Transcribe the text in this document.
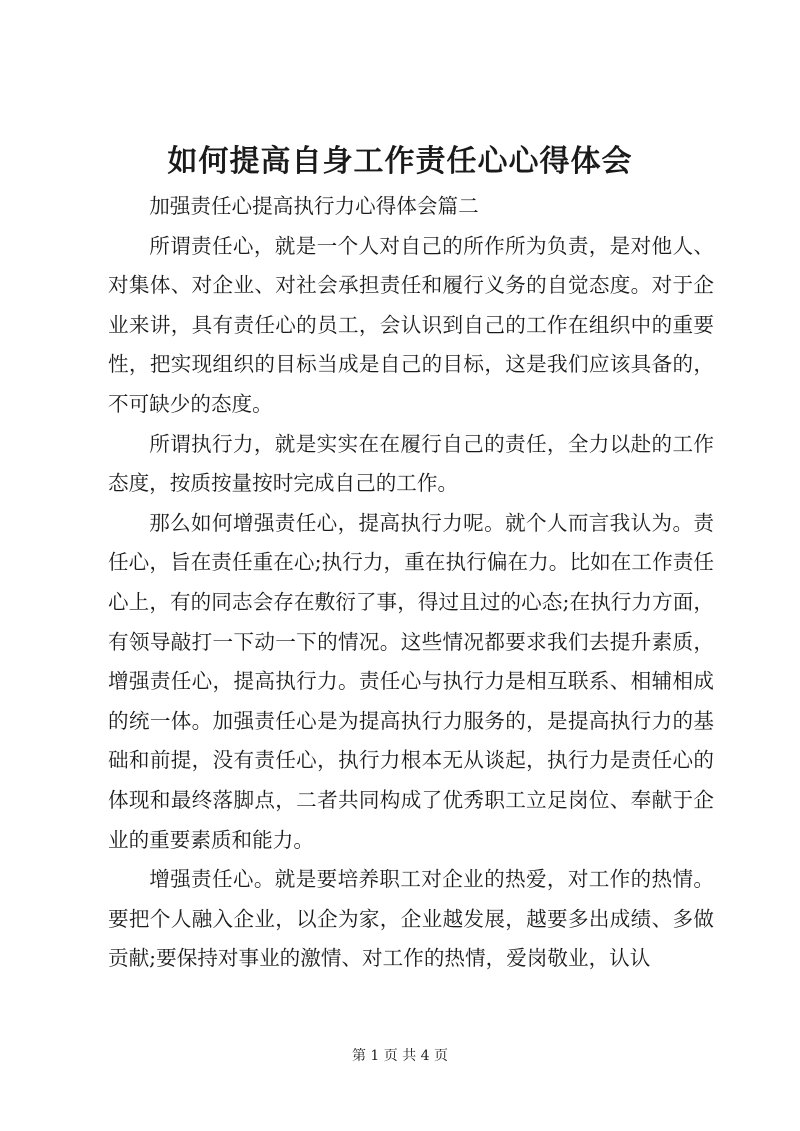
如何提高自身工作责任心心得体会

加强责任心提高执行力心得体会篇二

所谓责任心，就是一个人对自己的所作所为负责，是对他人、对集体、对企业、对社会承担责任和履行义务的自觉态度。对于企业来讲，具有责任心的员工，会认识到自己的工作在组织中的重要性，把实现组织的目标当成是自己的目标，这是我们应该具备的，不可缺少的态度。

所谓执行力，就是实实在在履行自己的责任，全力以赴的工作态度，按质按量按时完成自己的工作。

那么如何增强责任心，提高执行力呢。就个人而言我认为。责任心，旨在责任重在心;执行力，重在执行偏在力。比如在工作责任心上，有的同志会存在敷衍了事，得过且过的心态;在执行力方面，有领导敲打一下动一下的情况。这些情况都要求我们去提升素质，增强责任心，提高执行力。责任心与执行力是相互联系、相辅相成的统一体。加强责任心是为提高执行力服务的，是提高执行力的基础和前提，没有责任心，执行力根本无从谈起，执行力是责任心的体现和最终落脚点，二者共同构成了优秀职工立足岗位、奉献于企业的重要素质和能力。

增强责任心。就是要培养职工对企业的热爱，对工作的热情。要把个人融入企业，以企为家，企业越发展，越要多出成绩、多做贡献;要保持对事业的激情、对工作的热情，爱岗敬业，认认

第 1 页 共 4 页
